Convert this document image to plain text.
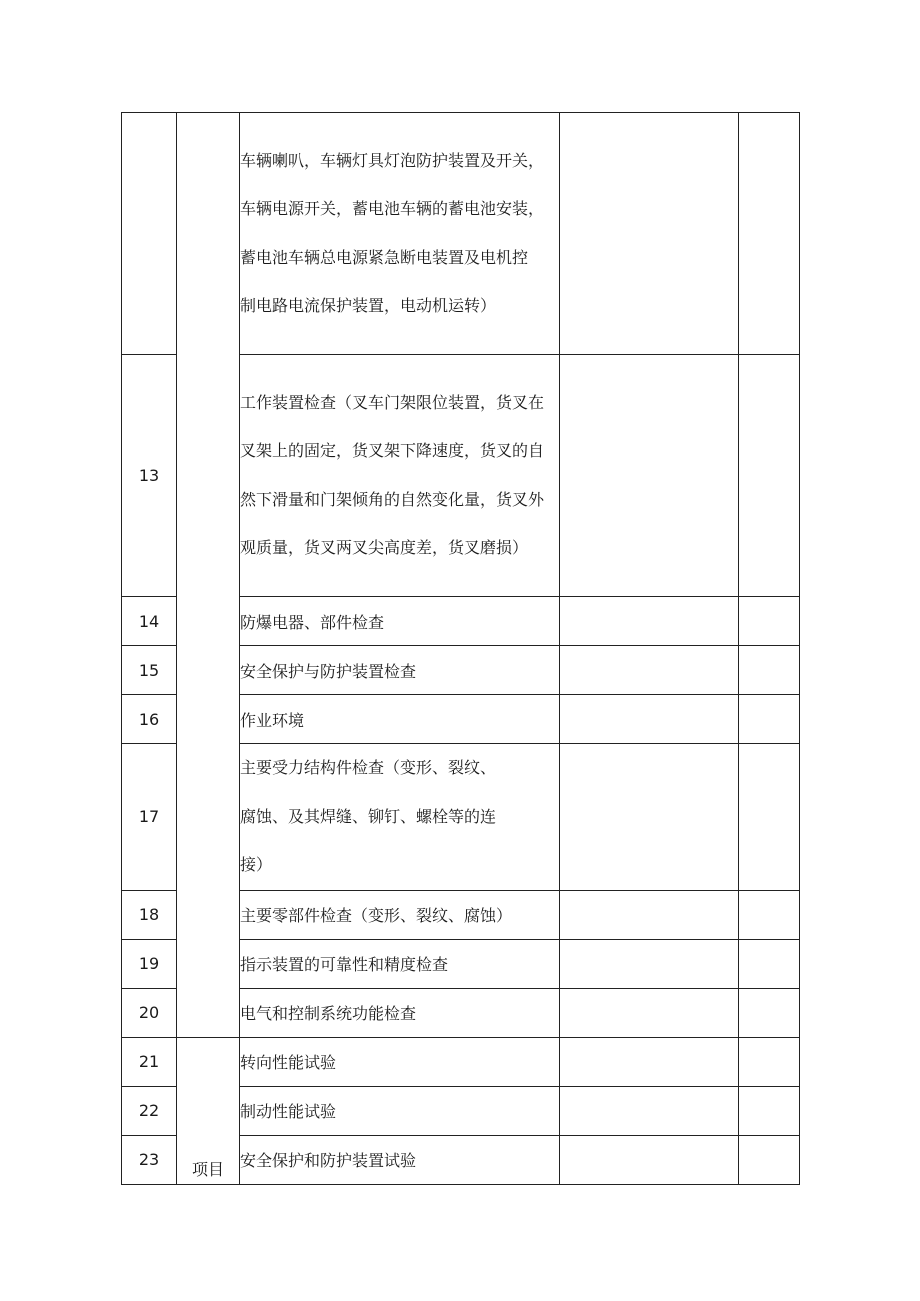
		车辆喇叭，车辆灯具灯泡防护装置及开关，
车辆电源开关，蓄电池车辆的蓄电池安装，
蓄电池车辆总电源紧急断电装置及电机控
制电路电流保护装置，电动机运转）		

13		工作装置检查（叉车门架限位装置，货叉在
叉架上的固定，货叉架下降速度，货叉的自
然下滑量和门架倾角的自然变化量，货叉外
观质量，货叉两叉尖高度差，货叉磨损）		

14		防爆电器、部件检查		
15		安全保护与防护装置检查		
16		作业环境		
17		主要受力结构件检查（变形、裂纹、
腐蚀、及其焊缝、铆钉、螺栓等的连
接）		

18		主要零部件检查（变形、裂纹、腐蚀）		
19		指示装置的可靠性和精度检查		
20		电气和控制系统功能检查		
21	项目	转向性能试验		
22		制动性能试验		
23		安全保护和防护装置试验		
